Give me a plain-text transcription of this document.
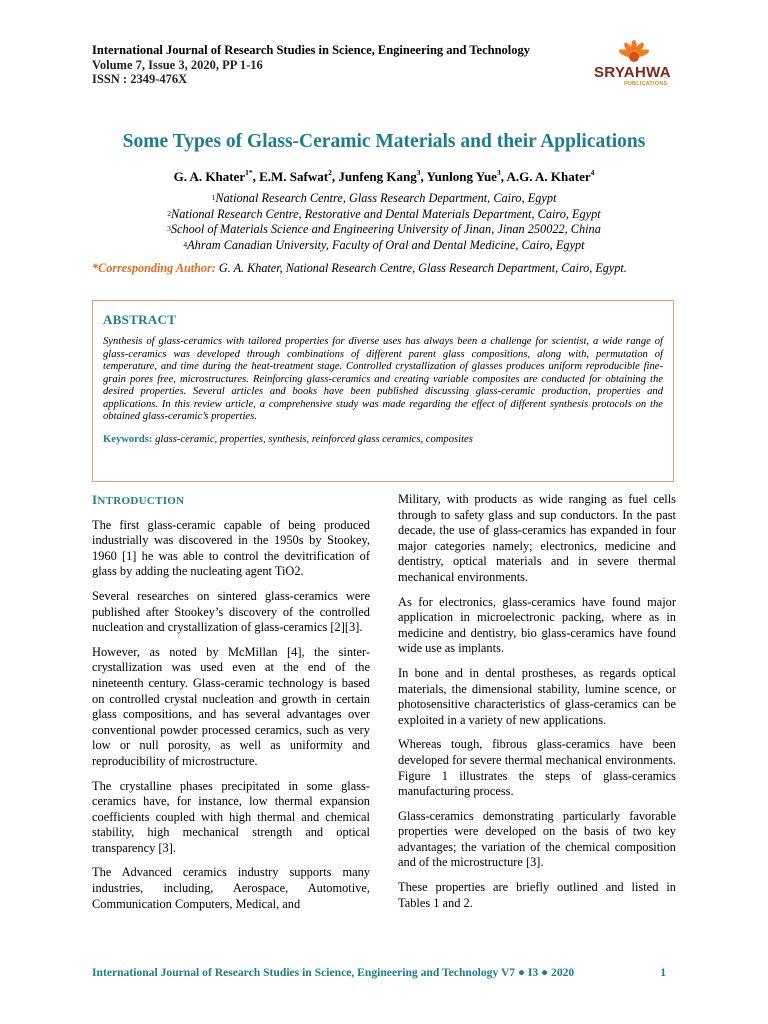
International Journal of Research Studies in Science, Engineering and Technology
Volume 7, Issue 3, 2020, PP 1-16
ISSN : 2349-476X	SRYAHWA
PUBLICATIONS
Some Types of Glass-Ceramic Materials and their Applications
G. A. Khater$^{1*}$, E.M. Safwat$^2$, Junfeng Kang$^3$, Yunlong Yue$^3$, A.G. A. Khater$^4$
$^1$National Research Centre, Glass Research Department, Cairo, Egypt
$^2$National Research Centre, Restorative and Dental Materials Department, Cairo, Egypt
$^3$School of Materials Science and Engineering University of Jinan, Jinan 250022, China
$^4$Ahram Canadian University, Faculty of Oral and Dental Medicine, Cairo, Egypt
*Corresponding Author: G. A. Khater, National Research Centre, Glass Research Department, Cairo, Egypt.
ABSTRACT

Synthesis of glass-ceramics with tailored properties for diverse uses has always been a challenge for scientist, a wide range of glass-ceramics was developed through combinations of different parent glass compositions, along with, permutation of temperature, and time during the heat-treatment stage. Controlled crystallization of glasses produces uniform reproducible fine-grain pores free, microstructures. Reinforcing glass-ceramics and creating variable composites are conducted for obtaining the desired properties. Several articles and books have been published discussing glass-ceramic production, properties and applications. In this review article, a comprehensive study was made regarding the effect of different synthesis protocols on the obtained glass-ceramic’s properties.

Keywords: glass-ceramic, properties, synthesis, reinforced glass ceramics, composites
INTRODUCTION

The first glass-ceramic capable of being produced industrially was discovered in the 1950s by Stookey, 1960 [1] he was able to control the devitrification of glass by adding the nucleating agent TiO2.

Several researches on sintered glass-ceramics were published after Stookey’s discovery of the controlled nucleation and crystallization of glass-ceramics [2][3].

However, as noted by McMillan [4], the sinter-crystallization was used even at the end of the nineteenth century. Glass-ceramic technology is based on controlled crystal nucleation and growth in certain glass compositions, and has several advantages over conventional powder processed ceramics, such as very low or null porosity, as well as uniformity and reproducibility of microstructure.

The crystalline phases precipitated in some glass-ceramics have, for instance, low thermal expansion coefficients coupled with high thermal and chemical stability, high mechanical strength and optical transparency [3].

The Advanced ceramics industry supports many industries, including, Aerospace, Automotive, Communication Computers, Medical, and

Military, with products as wide ranging as fuel cells through to safety glass and sup conductors. In the past decade, the use of glass-ceramics has expanded in four major categories namely; electronics, medicine and dentistry, optical materials and in severe thermal mechanical environments.

As for electronics, glass-ceramics have found major application in microelectronic packing, where as in medicine and dentistry, bio glass-ceramics have found wide use as implants.

In bone and in dental prostheses, as regards optical materials, the dimensional stability, lumine scence, or photosensitive characteristics of glass-ceramics can be exploited in a variety of new applications.

Whereas tough, fibrous glass-ceramics have been developed for severe thermal mechanical environments. Figure 1 illustrates the steps of glass-ceramics manufacturing process.

Glass-ceramics demonstrating particularly favorable properties were developed on the basis of two key advantages; the variation of the chemical composition and of the microstructure [3].

These properties are briefly outlined and listed in Tables 1 and 2.

International Journal of Research Studies in Science, Engineering and Technology V7 ● I3 ● 2020	1
